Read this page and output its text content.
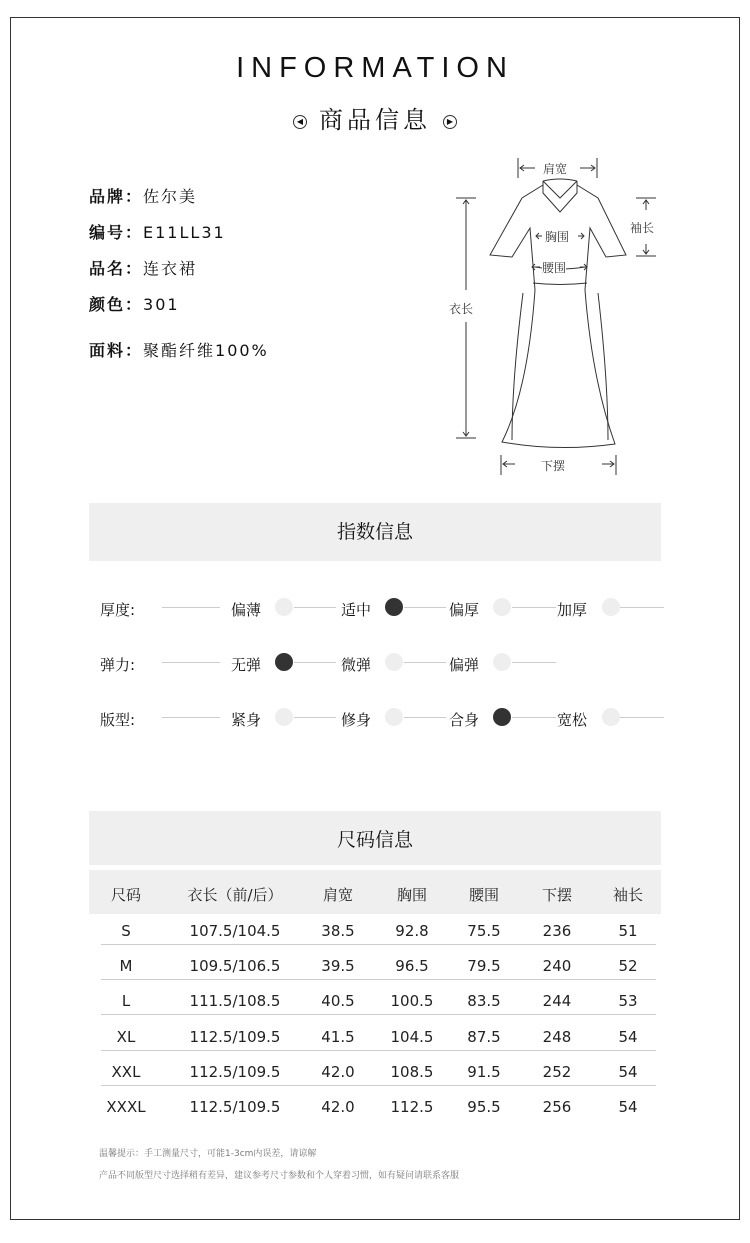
INFORMATION
◀ 商品信息 ▶
品牌：佐尔美
编号：E11LL31
品名：连衣裙
颜色：301
面料：聚酯纤维100%
肩宽
袖长
胸围
腰围
衣长
下摆
指数信息
厚度:	偏薄	适中	偏厚	加厚
弹力:	无弹	微弹	偏弹
版型:	紧身	修身	合身	宽松
尺码信息
尺码	衣长（前/后）	肩宽	胸围	腰围	下摆	袖长
S	107.5/104.5	38.5	92.8	75.5	236	51
M	109.5/106.5	39.5	96.5	79.5	240	52
L	111.5/108.5	40.5	100.5	83.5	244	53
XL	112.5/109.5	41.5	104.5	87.5	248	54
XXL	112.5/109.5	42.0	108.5	91.5	252	54
XXXL	112.5/109.5	42.0	112.5	95.5	256	54
温馨提示：手工测量尺寸，可能1-3cm内误差，请谅解
产品不同版型尺寸选择稍有差异，建议参考尺寸参数和个人穿着习惯，如有疑问请联系客服
